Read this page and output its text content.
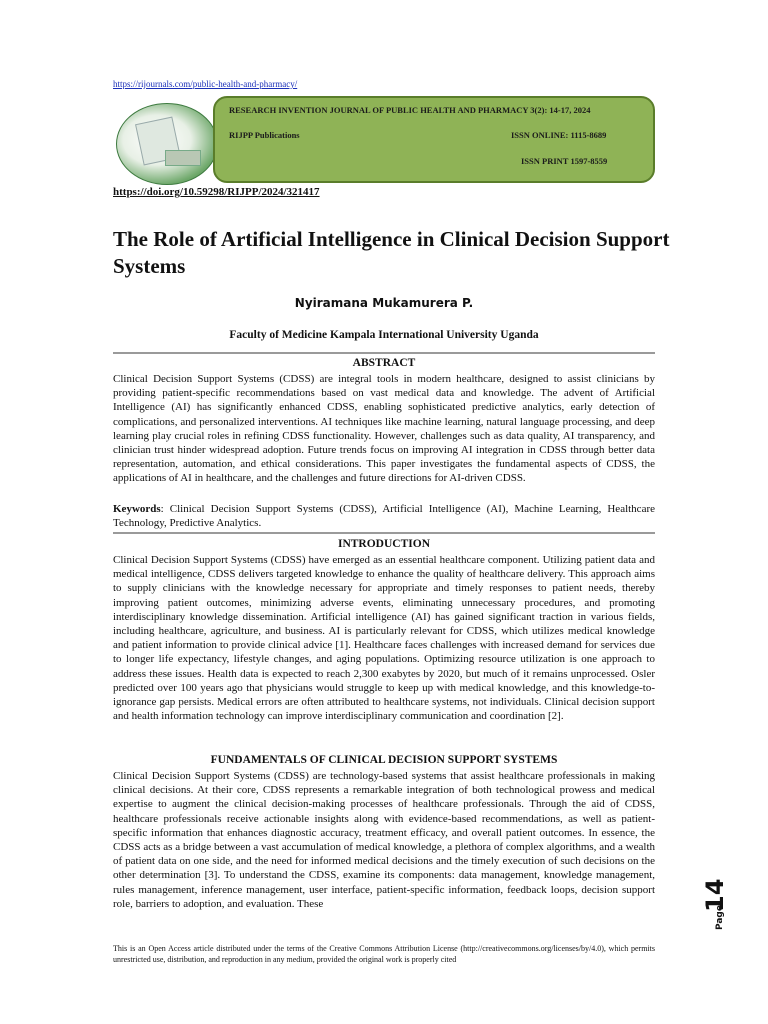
https://rijournals.com/public-health-and-pharmacy/
RESEARCH INVENTION JOURNAL OF PUBLIC HEALTH AND PHARMACY 3(2): 14-17, 2024
RIJPP Publications	ISSN ONLINE: 1115-8689
ISSN PRINT 1597-8559
https://doi.org/10.59298/RIJPP/2024/321417
The Role of Artificial Intelligence in Clinical Decision Support Systems
Nyiramana Mukamurera P.
Faculty of Medicine Kampala International University Uganda
ABSTRACT
Clinical Decision Support Systems (CDSS) are integral tools in modern healthcare, designed to assist clinicians by providing patient-specific recommendations based on vast medical data and knowledge. The advent of Artificial Intelligence (AI) has significantly enhanced CDSS, enabling sophisticated predictive analytics, early detection of complications, and personalized interventions. AI techniques like machine learning, natural language processing, and deep learning play crucial roles in refining CDSS functionality. However, challenges such as data quality, AI transparency, and clinician trust hinder widespread adoption. Future trends focus on improving AI integration in CDSS through better data representation, automation, and ethical considerations. This paper investigates the fundamental aspects of CDSS, the applications of AI in healthcare, and the challenges and future directions for AI-driven CDSS.
Keywords: Clinical Decision Support Systems (CDSS), Artificial Intelligence (AI), Machine Learning, Healthcare Technology, Predictive Analytics.
INTRODUCTION
Clinical Decision Support Systems (CDSS) have emerged as an essential healthcare component. Utilizing patient data and medical intelligence, CDSS delivers targeted knowledge to enhance the quality of healthcare delivery. This approach aims to supply clinicians with the knowledge necessary for appropriate and timely responses to patient needs, thereby improving patient outcomes, minimizing adverse events, eliminating unnecessary procedures, and promoting interdisciplinary knowledge dissemination. Artificial intelligence (AI) has gained significant traction in various fields, including healthcare, agriculture, and business. AI is particularly relevant for CDSS, which utilizes medical knowledge and patient information to provide clinical advice [1]. Healthcare faces challenges with increased demand for services due to longer life expectancy, lifestyle changes, and aging populations. Optimizing resource utilization is one approach to address these issues. Health data is expected to reach 2,300 exabytes by 2020, but much of it remains unprocessed. Osler predicted over 100 years ago that physicians would struggle to keep up with medical knowledge, and this knowledge-to-ignorance gap persists. Medical errors are often attributed to healthcare systems, not individuals. Clinical decision support and health information technology can improve interdisciplinary communication and coordination [2].
FUNDAMENTALS OF CLINICAL DECISION SUPPORT SYSTEMS
Clinical Decision Support Systems (CDSS) are technology-based systems that assist healthcare professionals in making clinical decisions. At their core, CDSS represents a remarkable integration of both technological prowess and medical expertise to augment the clinical decision-making processes of healthcare professionals. Through the aid of CDSS, healthcare professionals receive actionable insights along with evidence-based recommendations, as well as patient-specific information that enhances diagnostic accuracy, treatment efficacy, and overall patient outcomes. In essence, the CDSS acts as a bridge between a vast accumulation of medical knowledge, a plethora of complex algorithms, and a wealth of patient data on one side, and the need for informed medical decisions and the timely execution of such decisions on the other determination [3]. To understand the CDSS, examine its components: data management, knowledge management, rules management, inference management, user interface, patient-specific information, feedback loops, decision support role, barriers to adoption, and evaluation. These
This is an Open Access article distributed under the terms of the Creative Commons Attribution License (http://creativecommons.org/licenses/by/4.0), which permits unrestricted use, distribution, and reproduction in any medium, provided the original work is properly cited
14
Page
